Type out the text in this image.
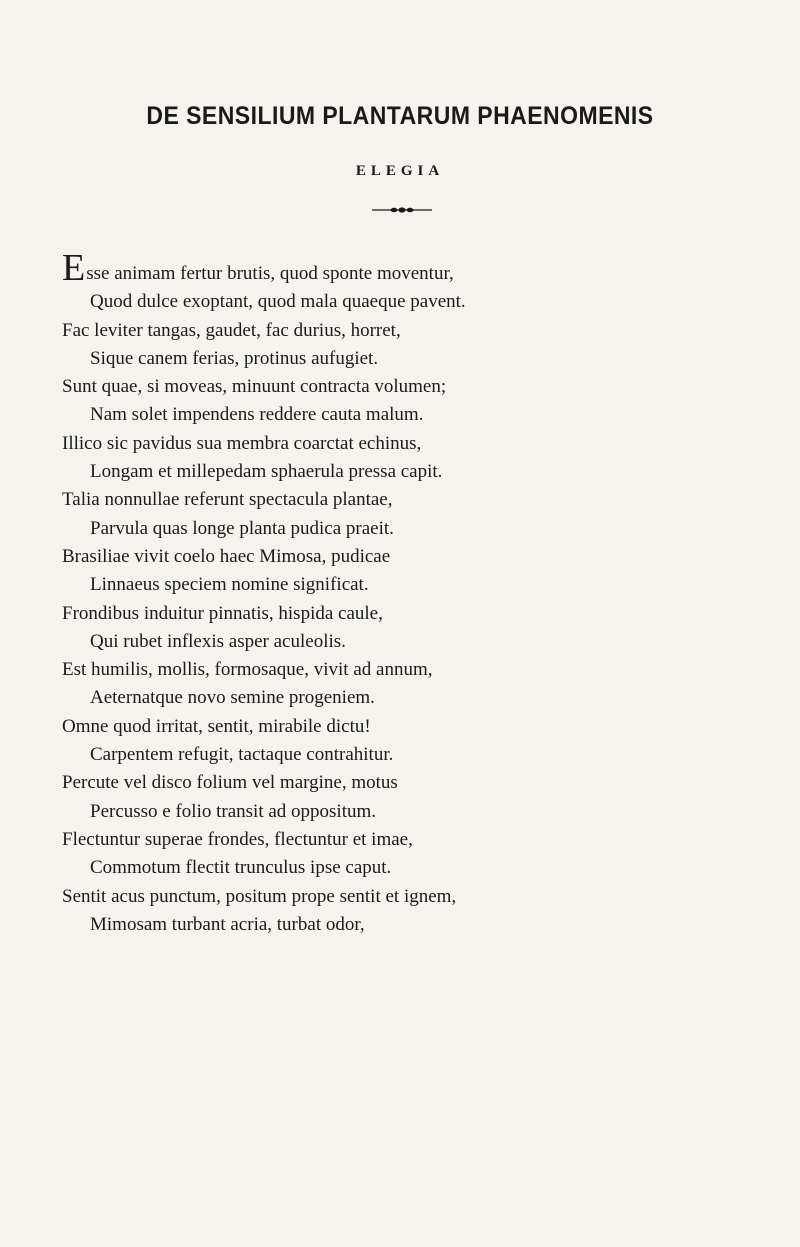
DE SENSILIUM PLANTARUM PHAENOMENIS
ELEGIA
Esse animam fertur brutis, quod sponte moventur,
Quod dulce exoptant, quod mala quaeque pavent.
Fac leviter tangas, gaudet, fac durius, horret,
Sique canem ferias, protinus aufugiet.
Sunt quae, si moveas, minuunt contracta volumen;
Nam solet impendens reddere cauta malum.
Illico sic pavidus sua membra coarctat echinus,
Longam et millepedam sphaerula pressa capit.
Talia nonnullae referunt spectacula plantae,
Parvula quas longe planta pudica praeit.
Brasiliae vivit coelo haec Mimosa, pudicae
Linnaeus speciem nomine significat.
Frondibus induitur pinnatis, hispida caule,
Qui rubet inflexis asper aculeolis.
Est humilis, mollis, formosaque, vivit ad annum,
Aeternatque novo semine progeniem.
Omne quod irritat, sentit, mirabile dictu!
Carpentem refugit, tactaque contrahitur.
Percute vel disco folium vel margine, motus
Percusso e folio transit ad oppositum.
Flectuntur superae frondes, flectuntur et imae,
Commotum flectit trunculus ipse caput.
Sentit acus punctum, positum prope sentit et ignem,
Mimosam turbant acria, turbat odor,
